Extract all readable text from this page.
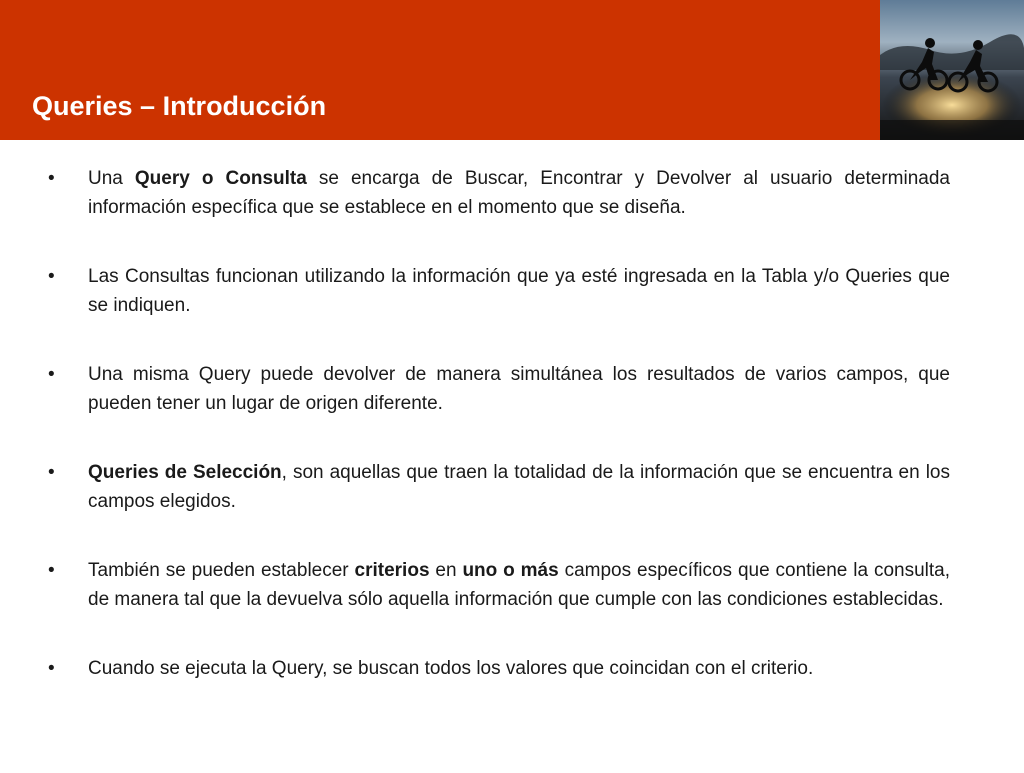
Queries – Introducción
• Una Query o Consulta se encarga de Buscar, Encontrar y Devolver al usuario determinada información específica que se establece en el momento que se diseña.
• Las Consultas funcionan utilizando la información que ya esté ingresada en la Tabla y/o Queries que se indiquen.
• Una misma Query puede devolver de manera simultánea los resultados de varios campos, que pueden tener un lugar de origen diferente.
• Queries de Selección, son aquellas que traen la totalidad de la información que se encuentra en los campos elegidos.
• También se pueden establecer criterios en uno o más campos específicos que contiene la consulta, de manera tal que la devuelva sólo aquella información que cumple con las condiciones establecidas.
• Cuando se ejecuta la Query, se buscan todos los valores que coincidan con el criterio.
